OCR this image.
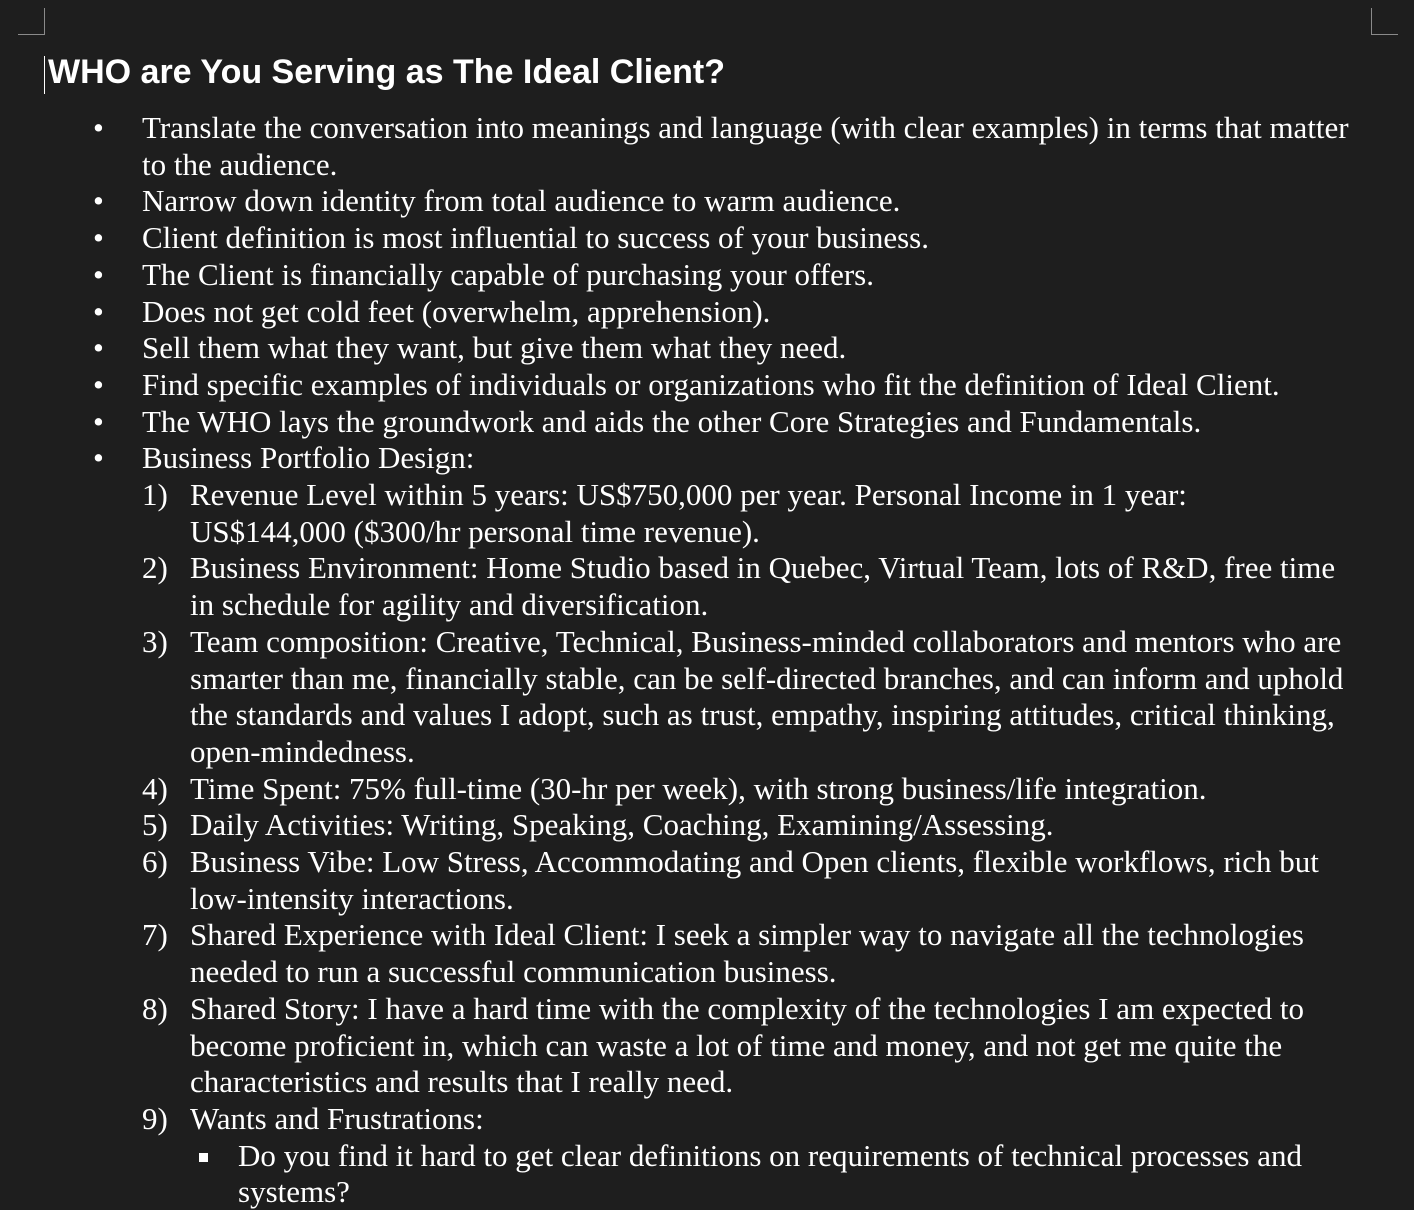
WHO are You Serving as The Ideal Client?
• Translate the conversation into meanings and language (with clear examples) in terms that matter to the audience.
• Narrow down identity from total audience to warm audience.
• Client definition is most influential to success of your business.
• The Client is financially capable of purchasing your offers.
• Does not get cold feet (overwhelm, apprehension).
• Sell them what they want, but give them what they need.
• Find specific examples of individuals or organizations who fit the definition of Ideal Client.
• The WHO lays the groundwork and aids the other Core Strategies and Fundamentals.
• Business Portfolio Design:
1) Revenue Level within 5 years: US$750,000 per year. Personal Income in 1 year: US$144,000 ($300/hr personal time revenue).
2) Business Environment: Home Studio based in Quebec, Virtual Team, lots of R&D, free time in schedule for agility and diversification.
3) Team composition: Creative, Technical, Business-minded collaborators and mentors who are smarter than me, financially stable, can be self-directed branches, and can inform and uphold the standards and values I adopt, such as trust, empathy, inspiring attitudes, critical thinking, open-mindedness.
4) Time Spent: 75% full-time (30-hr per week), with strong business/life integration.
5) Daily Activities: Writing, Speaking, Coaching, Examining/Assessing.
6) Business Vibe: Low Stress, Accommodating and Open clients, flexible workflows, rich but low-intensity interactions.
7) Shared Experience with Ideal Client: I seek a simpler way to navigate all the technologies needed to run a successful communication business.
8) Shared Story: I have a hard time with the complexity of the technologies I am expected to become proficient in, which can waste a lot of time and money, and not get me quite the characteristics and results that I really need.
9) Wants and Frustrations:
Do you find it hard to get clear definitions on requirements of technical processes and systems?
